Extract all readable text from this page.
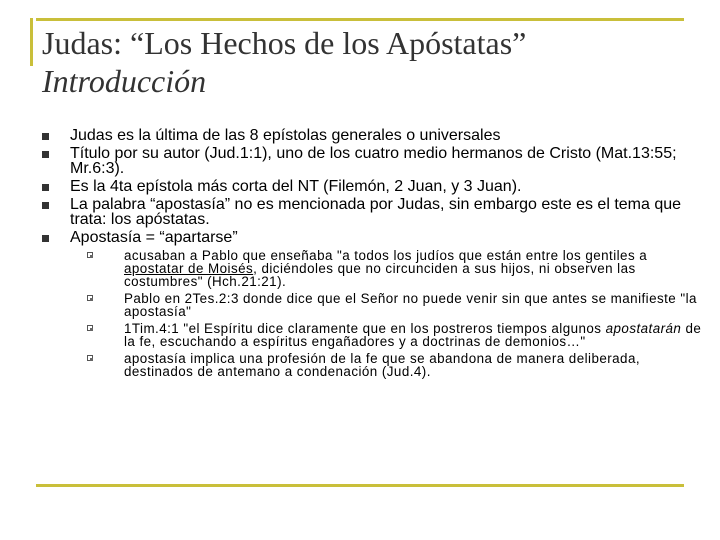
Judas: “Los Hechos de los Apóstatas”
Introducción
Judas es la última de las 8 epístolas generales o universales
Título por su autor (Jud.1:1), uno de los cuatro medio hermanos de Cristo (Mat.13:55; Mr.6:3).
Es la 4ta epístola más corta del NT (Filemón, 2 Juan, y 3 Juan).
La palabra “apostasía” no es mencionada por Judas, sin embargo este es el tema que trata: los apóstatas.
Apostasía = “apartarse”
acusaban a Pablo que enseñaba "a todos los judíos que están entre los gentiles a apostatar de Moisés, diciéndoles que no circunciden a sus hijos, ni observen las costumbres" (Hch.21:21).
Pablo en 2Tes.2:3 donde dice que el Señor no puede venir sin que antes se manifieste "la apostasía"
1Tim.4:1 "el Espíritu dice claramente que en los postreros tiempos algunos apostatarán de la fe, escuchando a espíritus engañadores y a doctrinas de demonios…"
apostasía implica una profesión de la fe que se abandona de manera deliberada, destinados de antemano a condenación (Jud.4).
